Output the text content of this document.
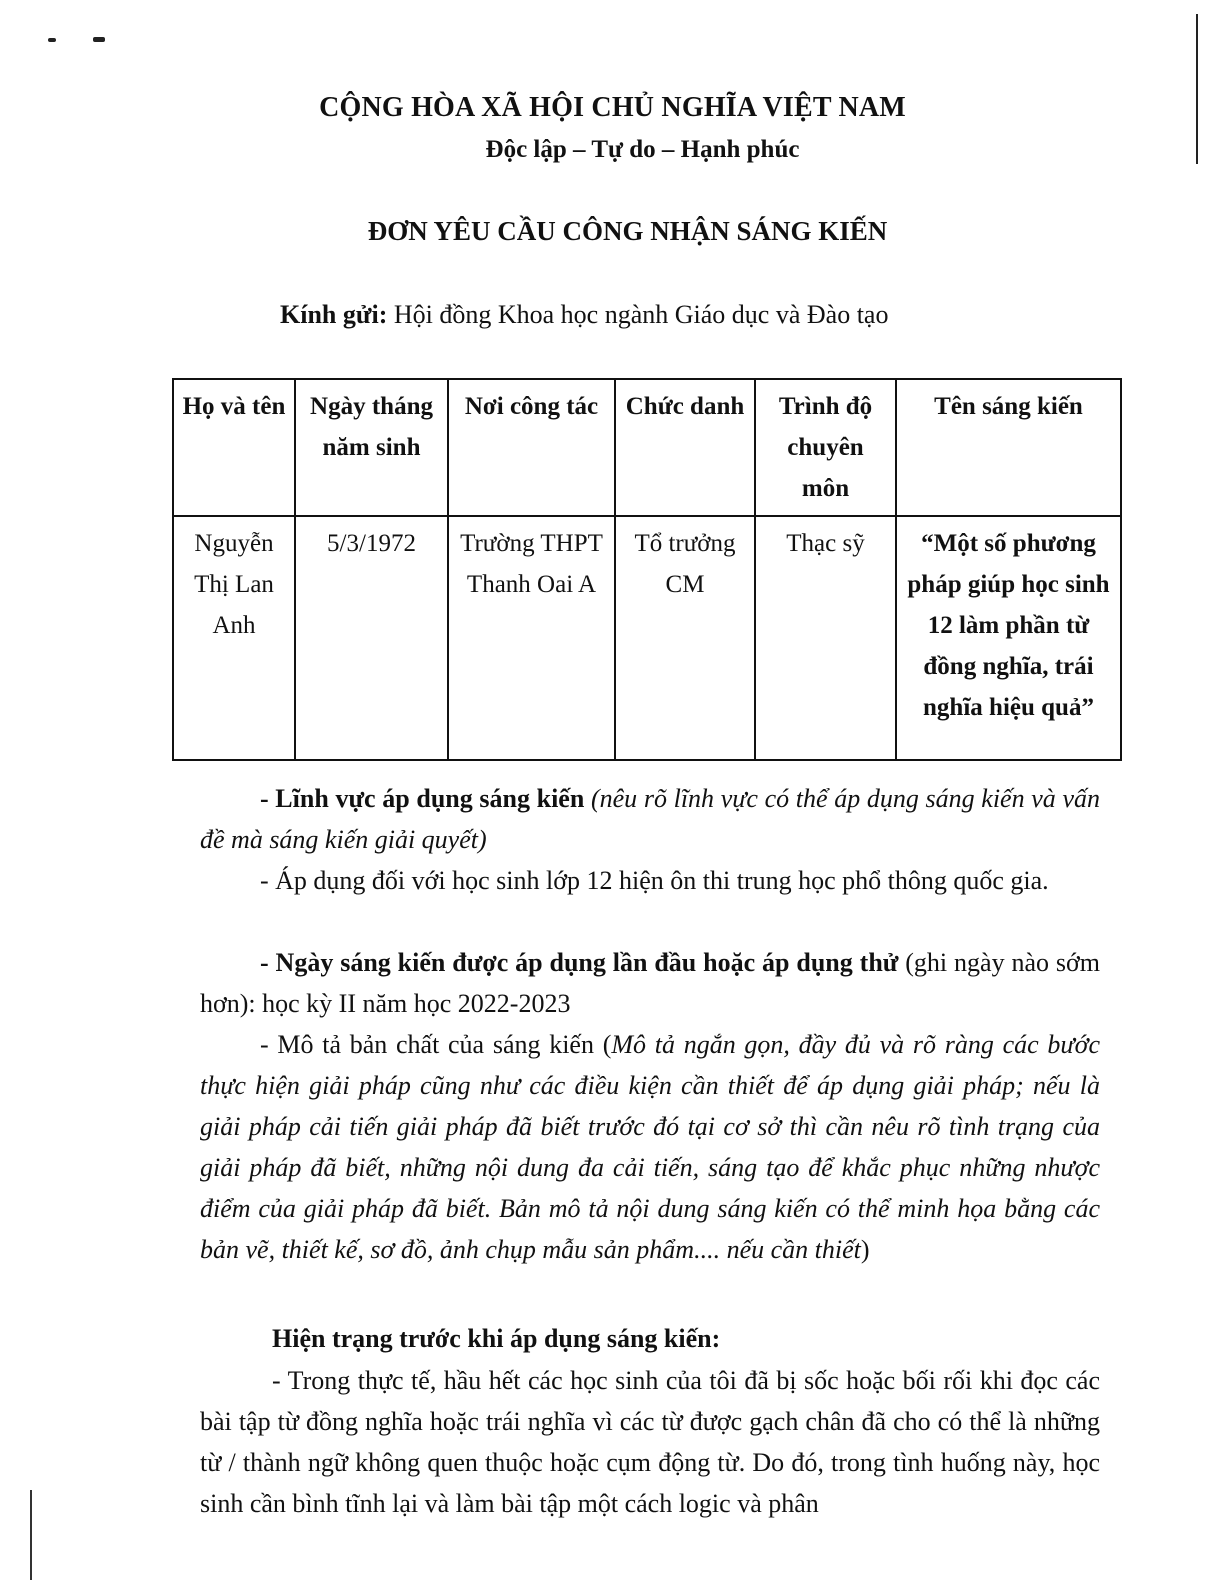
CỘNG HÒA XÃ HỘI CHỦ NGHĨA VIỆT NAM
Độc lập – Tự do – Hạnh phúc
ĐƠN YÊU CẦU CÔNG NHẬN SÁNG KIẾN
Kính gửi: Hội đồng Khoa học ngành Giáo dục và Đào tạo
Họ và tên	Ngày tháng năm sinh	Nơi công tác	Chức danh	Trình độ chuyên môn	Tên sáng kiến
Nguyễn Thị Lan Anh	5/3/1972	Trường THPT Thanh Oai A	Tổ trưởng CM	Thạc sỹ	“Một số phương pháp giúp học sinh 12 làm phần từ đồng nghĩa, trái nghĩa hiệu quả”
- Lĩnh vực áp dụng sáng kiến (nêu rõ lĩnh vực có thể áp dụng sáng kiến và vấn đề mà sáng kiến giải quyết)
- Áp dụng đối với học sinh lớp 12 hiện ôn thi trung học phổ thông quốc gia.
- Ngày sáng kiến được áp dụng lần đầu hoặc áp dụng thử (ghi ngày nào sớm hơn): học kỳ II năm học 2022-2023
- Mô tả bản chất của sáng kiến (Mô tả ngắn gọn, đầy đủ và rõ ràng các bước thực hiện giải pháp cũng như các điều kiện cần thiết để áp dụng giải pháp; nếu là giải pháp cải tiến giải pháp đã biết trước đó tại cơ sở thì cần nêu rõ tình trạng của giải pháp đã biết, những nội dung đa cải tiến, sáng tạo để khắc phục những nhược điểm của giải pháp đã biết. Bản mô tả nội dung sáng kiến có thể minh họa bằng các bản vẽ, thiết kế, sơ đồ, ảnh chụp mẫu sản phẩm.... nếu cần thiết)
Hiện trạng trước khi áp dụng sáng kiến:
- Trong thực tế, hầu hết các học sinh của tôi đã bị sốc hoặc bối rối khi đọc các bài tập từ đồng nghĩa hoặc trái nghĩa vì các từ được gạch chân đã cho có thể là những từ / thành ngữ không quen thuộc hoặc cụm động từ. Do đó, trong tình huống này, học sinh cần bình tĩnh lại và làm bài tập một cách logic và phân
